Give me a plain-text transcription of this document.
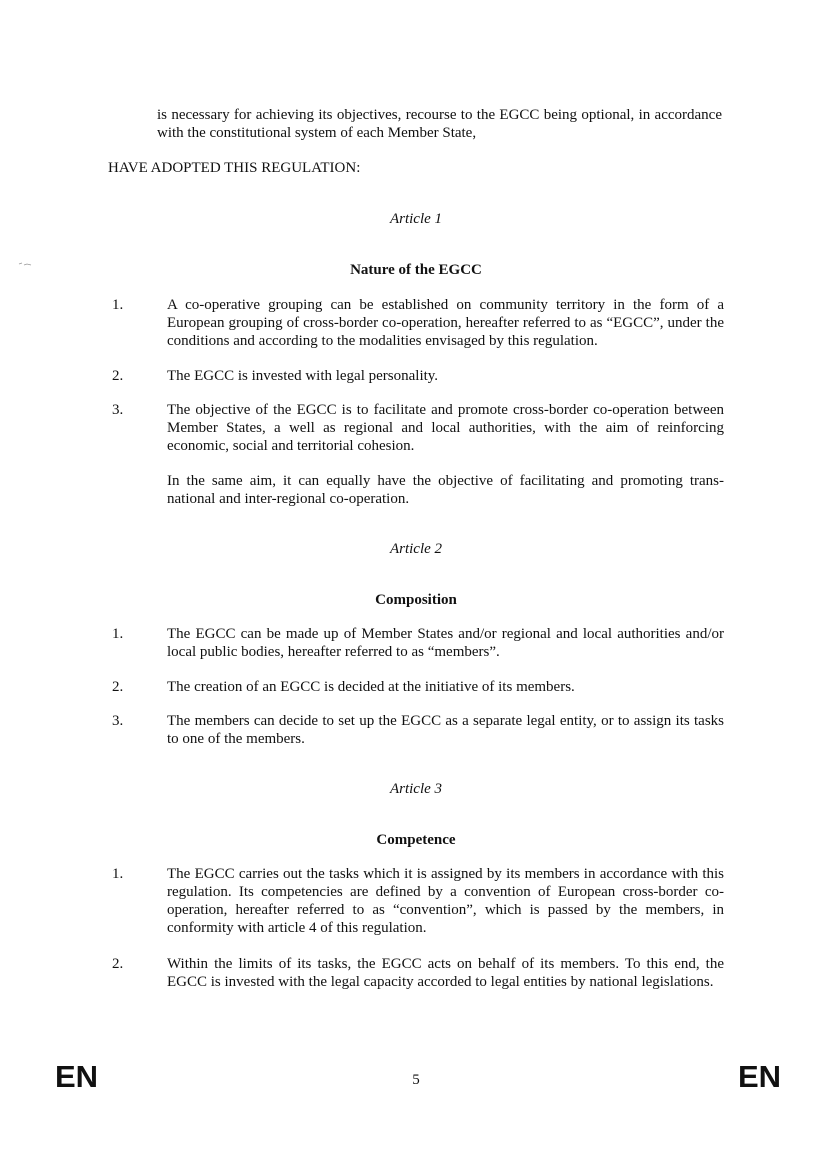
is necessary for achieving its objectives, recourse to the EGCC being optional, in accordance with the constitutional system of each Member State,
HAVE ADOPTED THIS REGULATION:
Article 1
Nature of the EGCC
1.	A co-operative grouping can be established on community territory in the form of a European grouping of cross-border co-operation, hereafter referred to as “EGCC”, under the conditions and according to the modalities envisaged by this regulation.
2.	The EGCC is invested with legal personality.
3.	The objective of the EGCC is to facilitate and promote cross-border co-operation between Member States, a well as regional and local authorities, with the aim of reinforcing economic, social and territorial cohesion.
In the same aim, it can equally have the objective of facilitating and promoting trans-national and inter-regional co-operation.
Article 2
Composition
1.	The EGCC can be made up of Member States and/or regional and local authorities and/or local public bodies, hereafter referred to as “members”.
2.	The creation of an EGCC is decided at the initiative of its members.
3.	The members can decide to set up the EGCC as a separate legal entity, or to assign its tasks to one of the members.
Article 3
Competence
1.	The EGCC carries out the tasks which it is assigned by its members in accordance with this regulation. Its competencies are defined by a convention of European cross-border co-operation, hereafter referred to as “convention”, which is passed by the members, in conformity with article 4 of this regulation.
2.	Within the limits of its tasks, the EGCC acts on behalf of its members. To this end, the EGCC is invested with the legal capacity accorded to legal entities by national legislations.
EN	5	EN
